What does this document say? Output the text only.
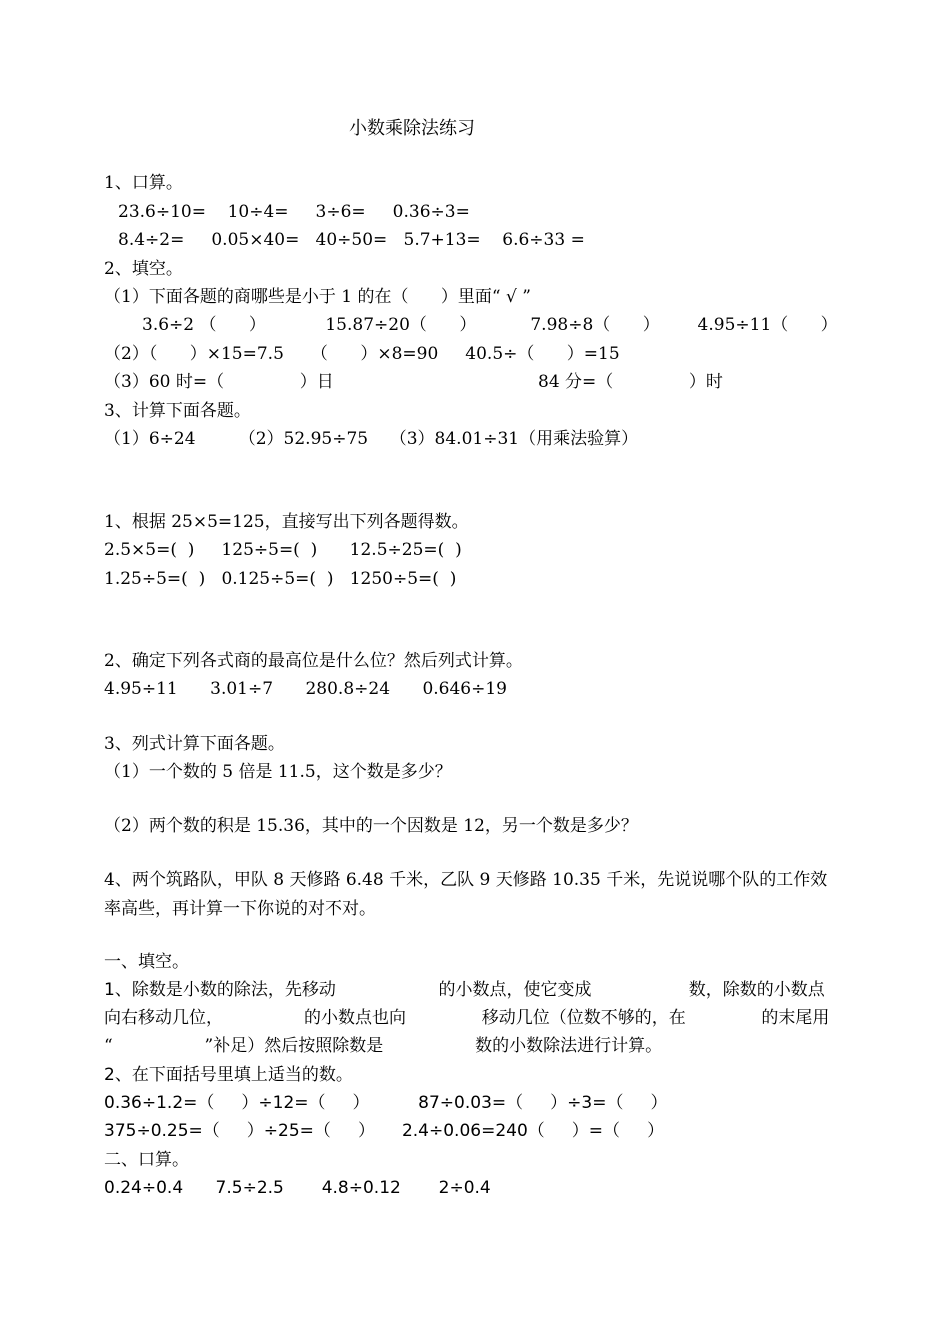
小数乘除法练习
1、口算。
23.6÷10=    10÷4=     3÷6=     0.36÷3=
8.4÷2=     0.05×40=   40÷50=   5.7+13=    6.6÷33 =
2、填空。
（1）下面各题的商哪些是小于 1 的在（      ）里面“ √ ”
3.6÷2 （      ）           15.87÷20（      ）          7.98÷8（      ）       4.95÷11（      ）
（2）（      ）×15=7.5     （      ）×8=90     40.5÷（      ）=15
（3）60 时=（              ）日	84 分=（              ）时
3、计算下面各题。
（1）6÷24        （2）52.95÷75    （3）84.01÷31（用乘法验算）
1、根据 25×5=125，直接写出下列各题得数。
2.5×5=(  )     125÷5=(  )      12.5÷25=(  )
1.25÷5=(  )   0.125÷5=(  )   1250÷5=(  )
2、确定下列各式商的最高位是什么位？然后列式计算。
4.95÷11      3.01÷7      280.8÷24      0.646÷19
3、列式计算下面各题。
（1）一个数的 5 倍是 11.5，这个数是多少？
（2）两个数的积是 15.36，其中的一个因数是 12，另一个数是多少？
4、两个筑路队，甲队 8 天修路 6.48 千米，乙队 9 天修路 10.35 千米，先说说哪个队的工作效
率高些，再计算一下你说的对不对。
一、填空。
1、除数是小数的除法，先移动                   的小数点，使它变成                  数，除数的小数点
向右移动几位，               的小数点也向              移动几位（位数不够的，在              的末尾用
“                 ”补足）然后按照除数是                 数的小数除法进行计算。
2、在下面括号里填上适当的数。
0.36÷1.2=（     ）÷12=（     ）         87÷0.03=（     ）÷3=（     ）
375÷0.25=（     ）÷25=（     ）     2.4÷0.06=240（     ）=（     ）
二、口算。
0.24÷0.4      7.5÷2.5       4.8÷0.12       2÷0.4
